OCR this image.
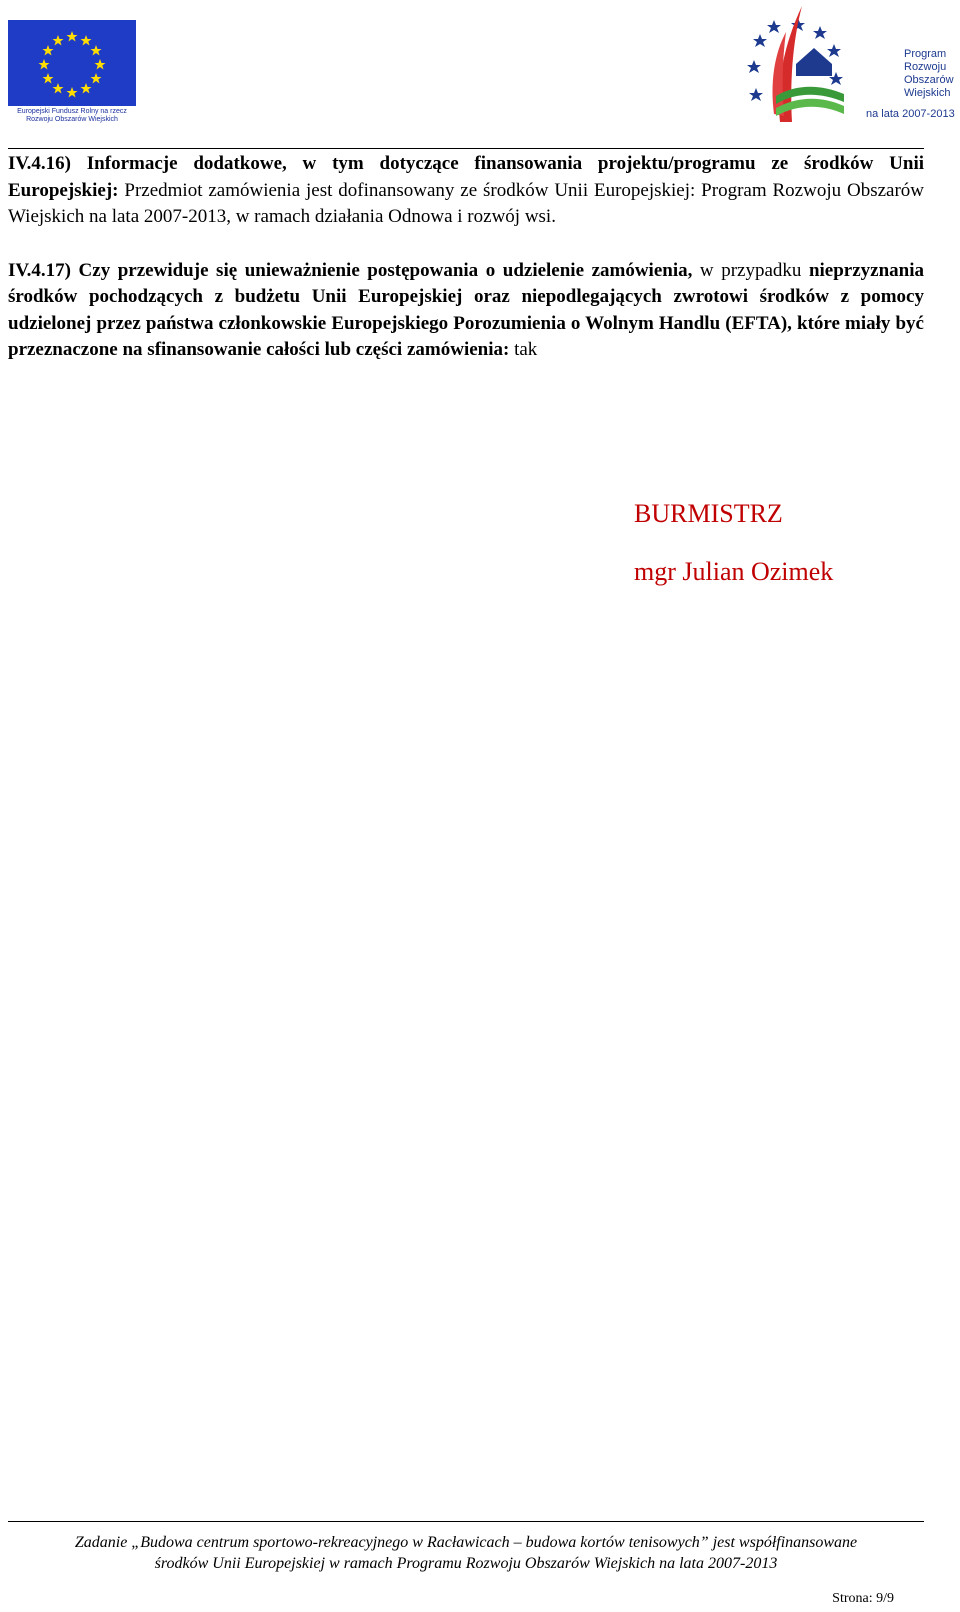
Europejski Fundusz Rolny na rzecz Rozwoju Obszarów Wiejskich
Program
Rozwoju
Obszarów
Wiejskich
na lata 2007-2013

IV.4.16) Informacje dodatkowe, w tym dotyczące finansowania projektu/programu ze środków Unii Europejskiej: Przedmiot zamówienia jest dofinansowany ze środków Unii Europejskiej: Program Rozwoju Obszarów Wiejskich na lata 2007-2013, w ramach działania Odnowa i rozwój wsi.

IV.4.17) Czy przewiduje się unieważnienie postępowania o udzielenie zamówienia, w przypadku nieprzyznania środków pochodzących z budżetu Unii Europejskiej oraz niepodlegających zwrotowi środków z pomocy udzielonej przez państwa członkowskie Europejskiego Porozumienia o Wolnym Handlu (EFTA), które miały być przeznaczone na sfinansowanie całości lub części zamówienia: tak

BURMISTRZ
mgr Julian Ozimek
Zadanie „Budowa centrum sportowo-rekreacyjnego w Racławicach – budowa kortów tenisowych” jest współfinansowane
środków Unii Europejskiej w ramach Programu Rozwoju Obszarów Wiejskich na lata 2007-2013
Strona: 9/9
